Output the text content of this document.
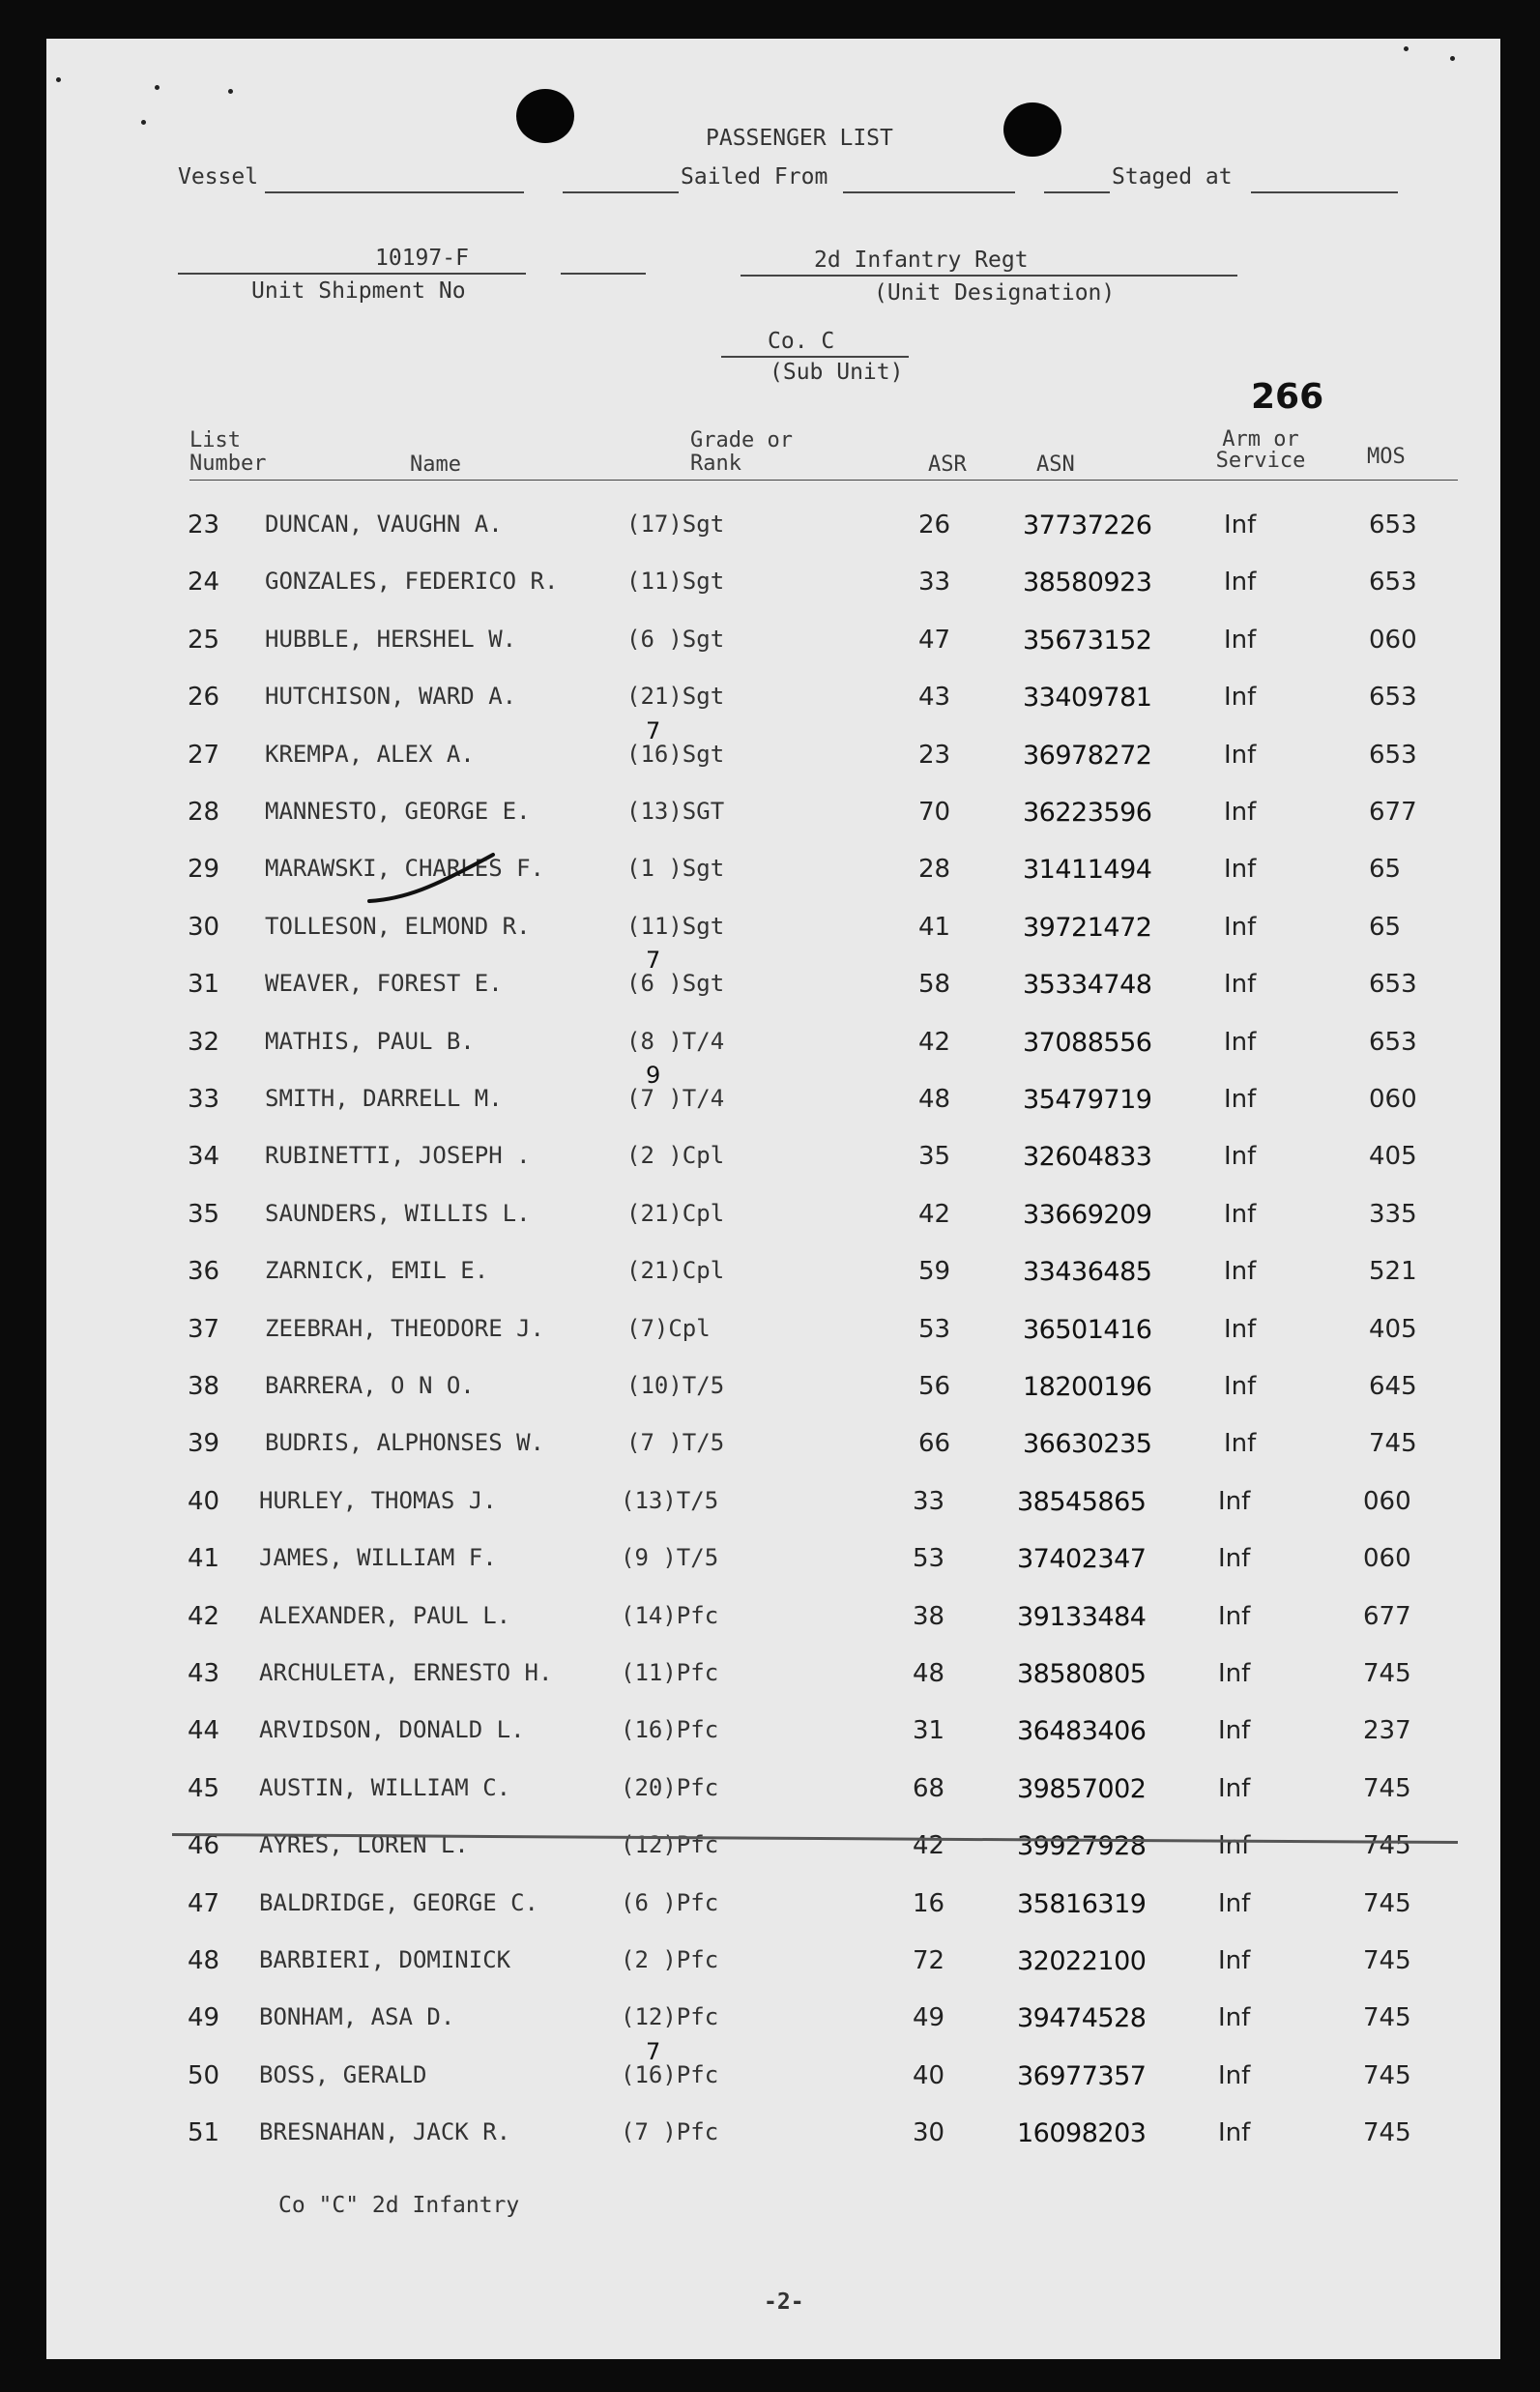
PASSENGER LIST
Vessel	Sailed From	Staged at
10197-F
Unit Shipment No
2d Infantry Regt
(Unit Designation)
Co. C
(Sub Unit)
266
List Number	Name
Grade or Rank	ASR	ASN
Arm or Service	MOS
23 DUNCAN, VAUGHN A.	(17)Sgt	26	37737226	Inf	653
24 GONZALES, FEDERICO R.	(11)Sgt	33	38580923	Inf	653
25 HUBBLE, HERSHEL W.	(6 )Sgt	47	35673152	Inf	060
26 HUTCHISON, WARD A.	(21)Sgt	43	33409781	Inf	653
27 KREMPA, ALEX A.	(16)Sgt	23	36978272	Inf	653
7
28 MANNESTO, GEORGE E.	(13)SGT	70	36223596	Inf	677
29 MARAWSKI, CHARLES F.	(1 )Sgt	28	31411494	Inf	65
30 TOLLESON, ELMOND R.	(11)Sgt	41	39721472	Inf	65
31 WEAVER, FOREST E.	(6 )Sgt	58	35334748	Inf	653
7
32 MATHIS, PAUL B.	(8 )T/4	42	37088556	Inf	653
33 SMITH, DARRELL M.	(7 )T/4	48	35479719	Inf	060
9
34 RUBINETTI, JOSEPH .	(2 )Cpl	35	32604833	Inf	405
35 SAUNDERS, WILLIS L.	(21)Cpl	42	33669209	Inf	335
36 ZARNICK, EMIL E.	(21)Cpl	59	33436485	Inf	521
37 ZEEBRAH, THEODORE J.	(7)Cpl	53	36501416	Inf	405
38 BARRERA, O N O.	(10)T/5	56	18200196	Inf	645
39 BUDRIS, ALPHONSES W.	(7 )T/5	66	36630235	Inf	745
40 HURLEY, THOMAS J.	(13)T/5	33	38545865	Inf	060
41 JAMES, WILLIAM F.	(9 )T/5	53	37402347	Inf	060
42 ALEXANDER, PAUL L.	(14)Pfc	38	39133484	Inf	677
43 ARCHULETA, ERNESTO H.	(11)Pfc	48	38580805	Inf	745
44 ARVIDSON, DONALD L.	(16)Pfc	31	36483406	Inf	237
45 AUSTIN, WILLIAM C.	(20)Pfc	68	39857002	Inf	745
46 AYRES, LOREN L.	(12)Pfc	42	39927928	Inf	745
47 BALDRIDGE, GEORGE C.	(6 )Pfc	16	35816319	Inf	745
48 BARBIERI, DOMINICK	(2 )Pfc	72	32022100	Inf	745
49 BONHAM, ASA D.	(12)Pfc	49	39474528	Inf	745
50 BOSS, GERALD	(16)Pfc	40	36977357	Inf	745
7
51 BRESNAHAN, JACK R.	(7 )Pfc	30	16098203	Inf	745
Co "C" 2d Infantry
-2-
